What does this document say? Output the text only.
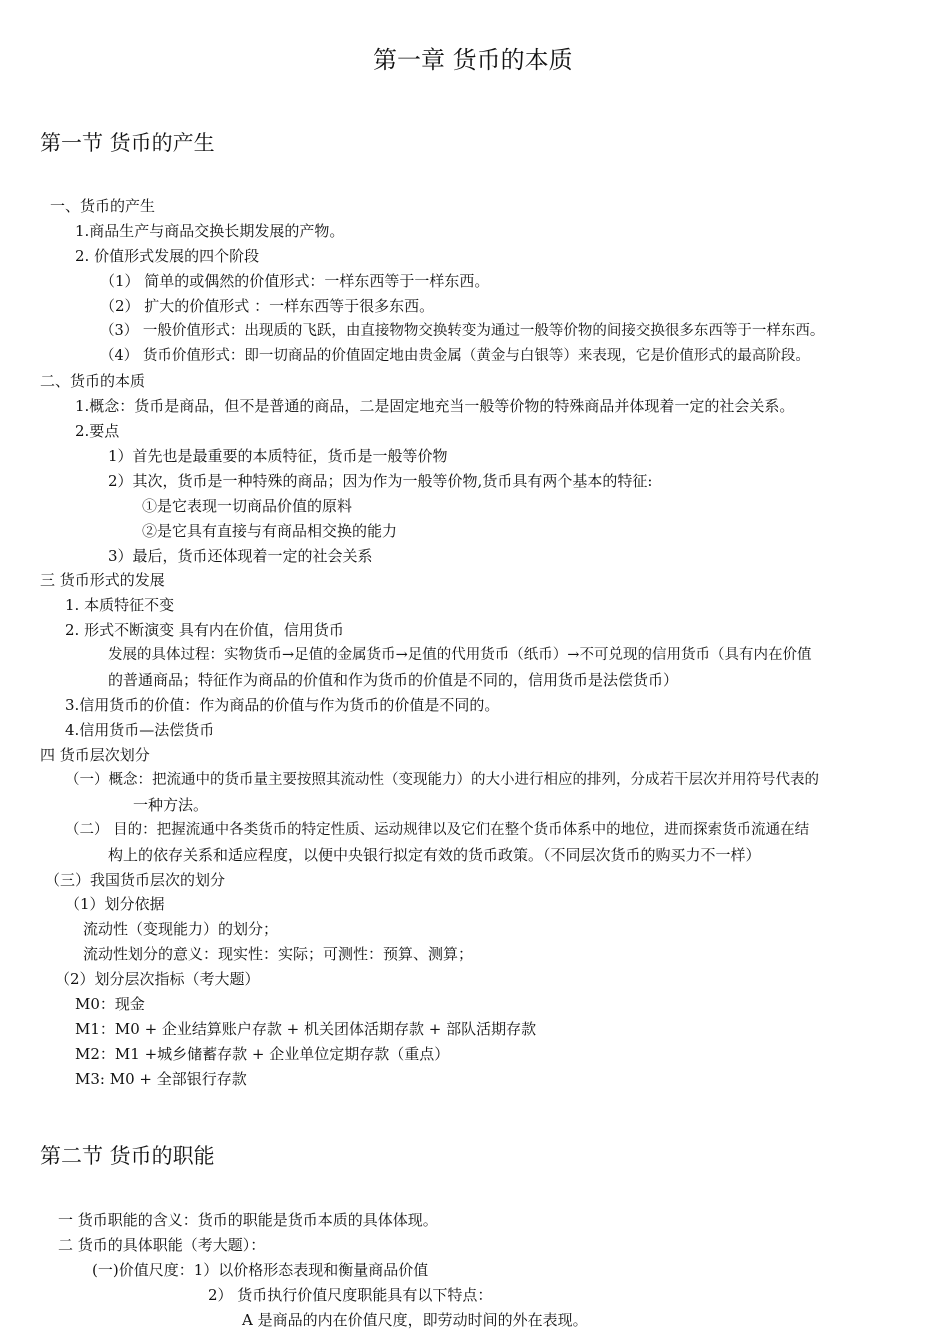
第一章 货币的本质
第一节 货币的产生
一、货币的产生
1.商品生产与商品交换长期发展的产物。
2. 价值形式发展的四个阶段
（1） 简单的或偶然的价值形式：一样东西等于一样东西。
（2） 扩大的价值形式 ：一样东西等于很多东西。
（3） 一般价值形式：出现质的飞跃，由直接物物交换转变为通过一般等价物的间接交换很多东西等于一样东西。
（4） 货币价值形式：即一切商品的价值固定地由贵金属（黄金与白银等）来表现，它是价值形式的最高阶段。
二、货币的本质
1.概念：货币是商品，但不是普通的商品，二是固定地充当一般等价物的特殊商品并体现着一定的社会关系。
2.要点
1）首先也是最重要的本质特征，货币是一般等价物
2）其次，货币是一种特殊的商品；因为作为一般等价物,货币具有两个基本的特征:
①是它表现一切商品价值的原料
②是它具有直接与有商品相交换的能力
3）最后，货币还体现着一定的社会关系
三 货币形式的发展
1. 本质特征不变
2. 形式不断演变 具有内在价值，信用货币
发展的具体过程：实物货币→足值的金属货币→足值的代用货币（纸币）→不可兑现的信用货币（具有内在价值
的普通商品；特征作为商品的价值和作为货币的价值是不同的，信用货币是法偿货币）
3.信用货币的价值：作为商品的价值与作为货币的价值是不同的。
4.信用货币—法偿货币
四 货币层次划分
（一）概念：把流通中的货币量主要按照其流动性（变现能力）的大小进行相应的排列，分成若干层次并用符号代表的
一种方法。
（二） 目的：把握流通中各类货币的特定性质、运动规律以及它们在整个货币体系中的地位，进而探索货币流通在结
构上的依存关系和适应程度，以便中央银行拟定有效的货币政策。（不同层次货币的购买力不一样）
（三）我国货币层次的划分
（1）划分依据
流动性（变现能力）的划分；
流动性划分的意义：现实性：实际；可测性：预算、测算；
（2）划分层次指标（考大题）
M0：现金
M1：M0 + 企业结算账户存款 + 机关团体活期存款 + 部队活期存款
M2：M1 +城乡储蓄存款 + 企业单位定期存款（重点）
M3: M0 + 全部银行存款
第二节 货币的职能
一 货币职能的含义：货币的职能是货币本质的具体体现。
二 货币的具体职能（考大题）：
(一)价值尺度：1）以价格形态表现和衡量商品价值
2） 货币执行价值尺度职能具有以下特点：
A 是商品的内在价值尺度，即劳动时间的外在表现。
